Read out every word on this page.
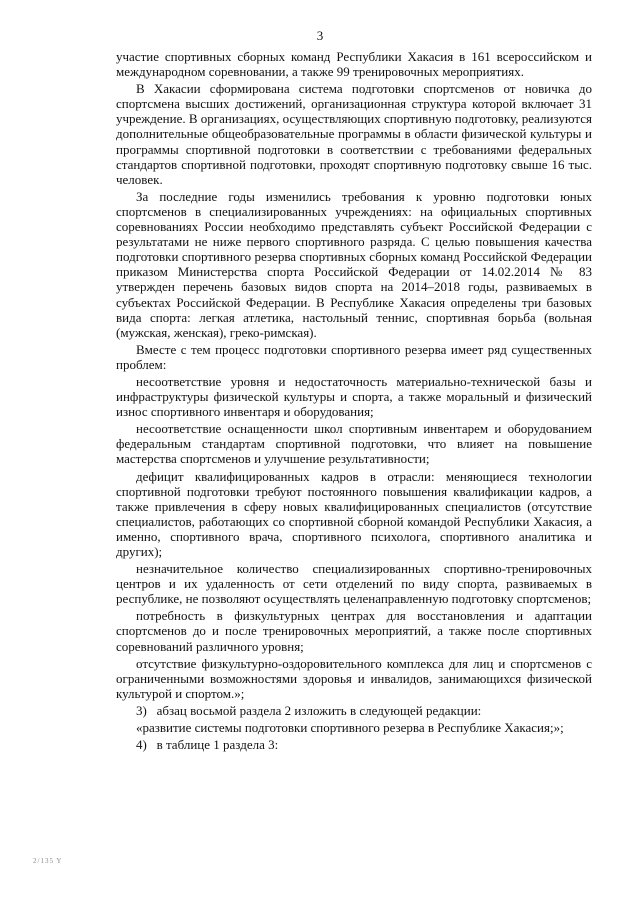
3

участие спортивных сборных команд Республики Хакасия в 161 всероссийском и международном соревновании, а также 99 тренировочных мероприятиях.

В Хакасии сформирована система подготовки спортсменов от новичка до спортсмена высших достижений, организационная структура которой включает 31 учреждение. В организациях, осуществляющих спортивную подготовку, реализуются дополнительные общеобразовательные программы в области физической культуры и программы спортивной подготовки в соответствии с требованиями федеральных стандартов спортивной подготовки, проходят спортивную подготовку свыше 16 тыс. человек.

За последние годы изменились требования к уровню подготовки юных спортсменов в специализированных учреждениях: на официальных спортивных соревнованиях России необходимо представлять субъект Российской Федерации с результатами не ниже первого спортивного разряда. С целью повышения качества подготовки спортивного резерва спортивных сборных команд Российской Федерации приказом Министерства спорта Российской Федерации от 14.02.2014 № 83 утвержден перечень базовых видов спорта на 2014–2018 годы, развиваемых в субъектах Российской Федерации. В Республике Хакасия определены три базовых вида спорта: легкая атлетика, настольный теннис, спортивная борьба (вольная (мужская, женская), греко-римская).

Вместе с тем процесс подготовки спортивного резерва имеет ряд существенных проблем:

несоответствие уровня и недостаточность материально-технической базы и инфраструктуры физической культуры и спорта, а также моральный и физический износ спортивного инвентаря и оборудования;

несоответствие оснащенности школ спортивным инвентарем и оборудованием федеральным стандартам спортивной подготовки, что влияет на повышение мастерства спортсменов и улучшение результативности;

дефицит квалифицированных кадров в отрасли: меняющиеся технологии спортивной подготовки требуют постоянного повышения квалификации кадров, а также привлечения в сферу новых квалифицированных специалистов (отсутствие специалистов, работающих со спортивной сборной командой Республики Хакасия, а именно, спортивного врача, спортивного психолога, спортивного аналитика и других);

незначительное количество специализированных спортивно-тренировочных центров и их удаленность от сети отделений по виду спорта, развиваемых в республике, не позволяют осуществлять целенаправленную подготовку спортсменов;

потребность в физкультурных центрах для восстановления и адаптации спортсменов до и после тренировочных мероприятий, а также после спортивных соревнований различного уровня;

отсутствие физкультурно-оздоровительного комплекса для лиц и спортсменов с ограниченными возможностями здоровья и инвалидов, занимающихся физической культурой и спортом.»;

3)   абзац восьмой раздела 2 изложить в следующей редакции:

«развитие системы подготовки спортивного резерва в Республике Хакасия;»;

4)   в таблице 1 раздела 3:

2/135 Y
